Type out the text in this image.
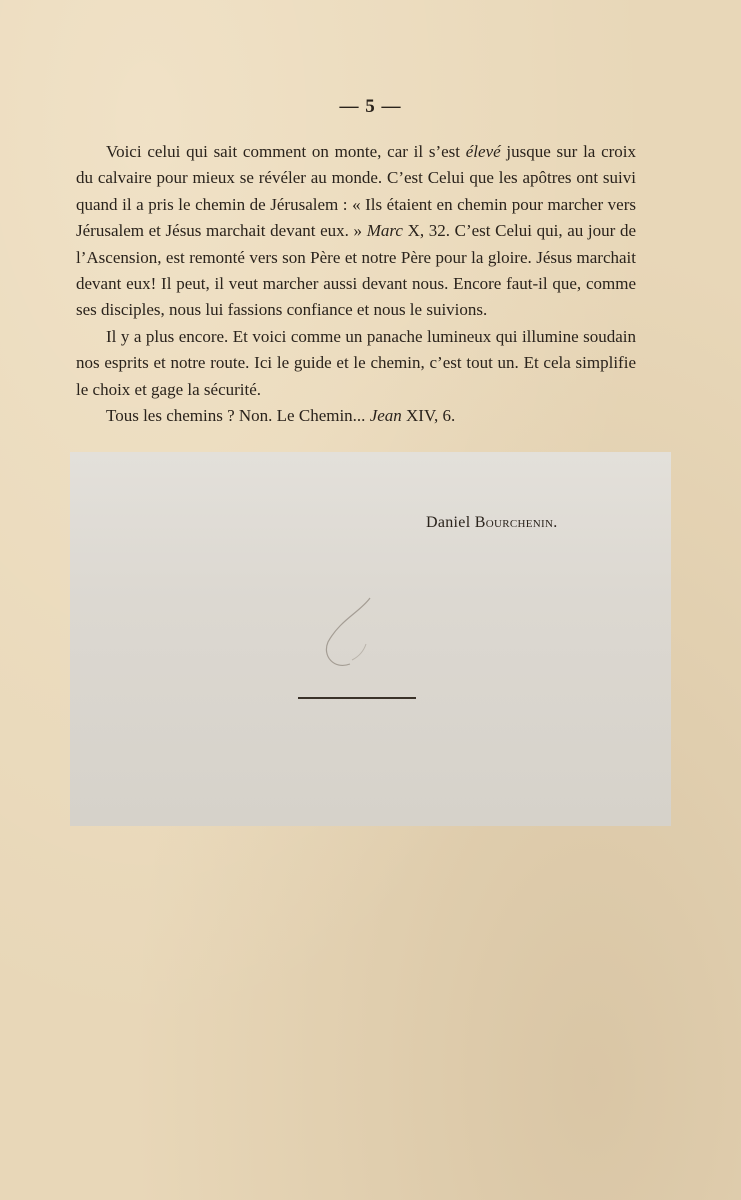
— 5 —

Voici celui qui sait comment on monte, car il s’est élevé jusque sur la croix du calvaire pour mieux se révéler au monde. C’est Celui que les apôtres ont suivi quand il a pris le chemin de Jérusalem : « Ils étaient en chemin pour marcher vers Jérusalem et Jésus marchait devant eux. » Marc X, 32. C’est Celui qui, au jour de l’Ascension, est remonté vers son Père et notre Père pour la gloire. Jésus marchait devant eux! Il peut, il veut marcher aussi devant nous. Encore faut-il que, comme ses disciples, nous lui fassions confiance et nous le suivions.

Il y a plus encore. Et voici comme un panache lumineux qui illumine soudain nos esprits et notre route. Ici le guide et le chemin, c’est tout un. Et cela simplifie le choix et gage la sécurité.

Tous les chemins ? Non. Le Chemin... Jean XIV, 6.

Daniel Bourchenin.
